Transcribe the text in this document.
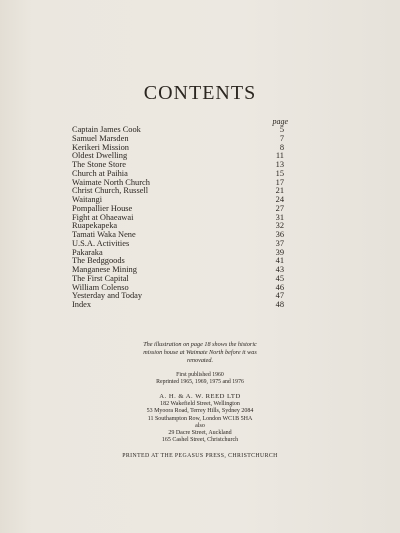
CONTENTS
page
Captain James Cook	5
Samuel Marsden	7
Kerikeri Mission	8
Oldest Dwelling	11
The Stone Store	13
Church at Paihia	15
Waimate North Church	17
Christ Church, Russell	21
Waitangi	24
Pompallier House	27
Fight at Ohaeawai	31
Ruapekapeka	32
Tamati Waka Nene	36
U.S.A. Activities	37
Pakaraka	39
The Bedggoods	41
Manganese Mining	43
The First Capital	45
William Colenso	46
Yesterday and Today	47
Index	48
The illustration on page 18 shows the historic
mission house at Waimate North before it was
renovated.
First published 1960
Reprinted 1965, 1969, 1975 and 1976
A. H. & A. W. REED LTD
182 Wakefield Street, Wellington
53 Myoora Road, Terrey Hills, Sydney 2084
11 Southampton Row, London WC1B 5HA
also
29 Dacre Street, Auckland
165 Cashel Street, Christchurch
PRINTED AT THE PEGASUS PRESS, CHRISTCHURCH
